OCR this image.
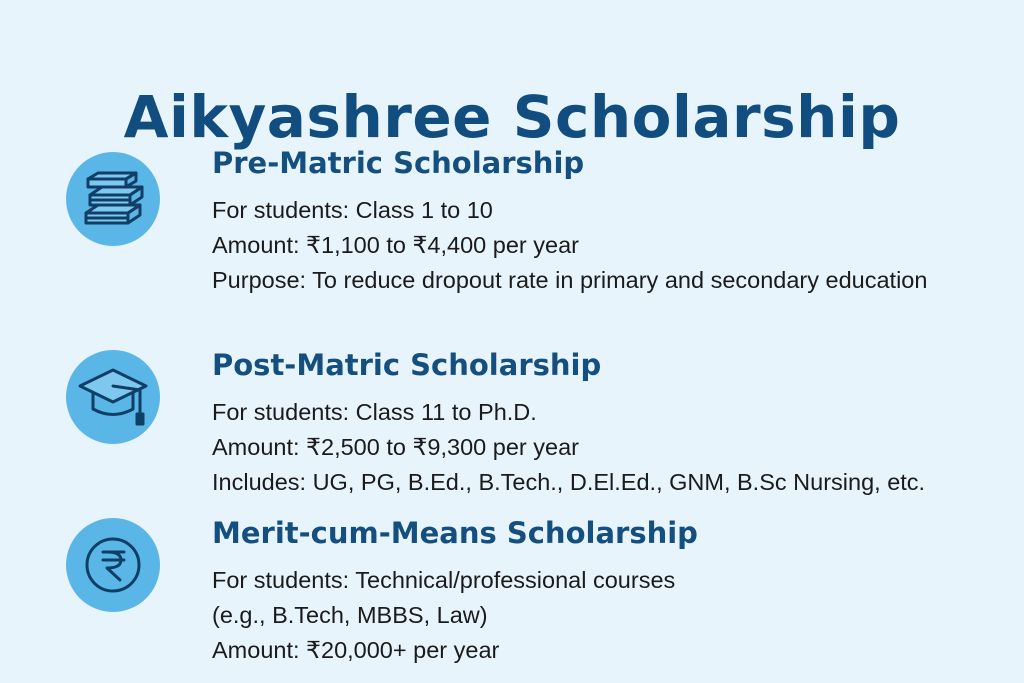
Aikyashree Scholarship
Pre-Matric Scholarship
For students: Class 1 to 10
Amount: ₹1,100 to ₹4,400 per year
Purpose: To reduce dropout rate in primary and secondary education
Post-Matric Scholarship
For students: Class 11 to Ph.D.
Amount: ₹2,500 to ₹9,300 per year
Includes: UG, PG, B.Ed., B.Tech., D.El.Ed., GNM, B.Sc Nursing, etc.
Merit-cum-Means Scholarship
For students: Technical/professional courses
(e.g., B.Tech, MBBS, Law)
Amount: ₹20,000+ per year
